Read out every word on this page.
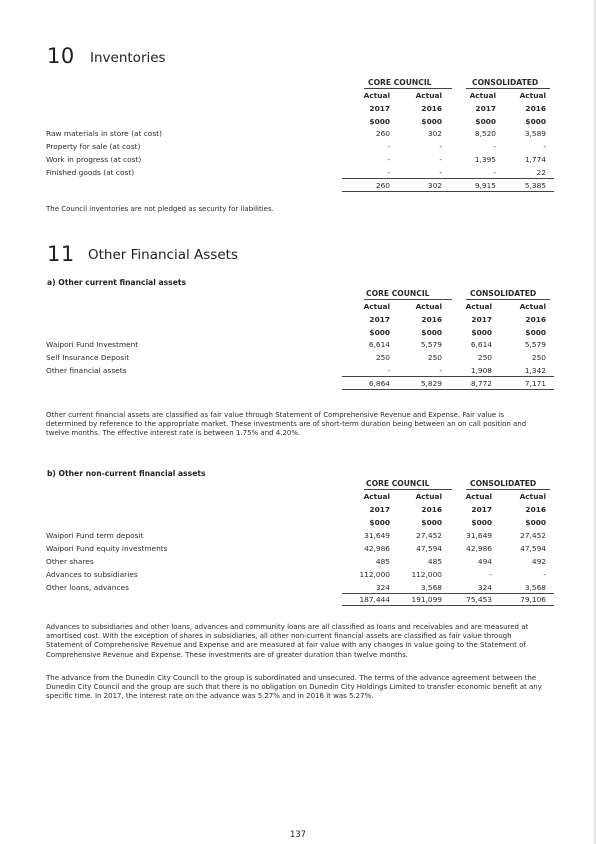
10 Inventories
CORE COUNCIL	CONSOLIDATED
Actual	Actual	Actual	Actual
2017	2016	2017	2016
$000	$000	$000	$000
Raw materials in store (at cost)	260	302	8,520	3,589
Property for sale (at cost)	-	-	-	-
Work in progress (at cost)	-	-	1,395	1,774
Finished goods (at cost)	-	-	-	22
260	302	9,915	5,385
The Council inventories are not pledged as security for liabilities.
11 Other Financial Assets
a) Other current financial assets
CORE COUNCIL	CONSOLIDATED
Actual	Actual	Actual	Actual
2017	2016	2017	2016
$000	$000	$000	$000
Waipori Fund Investment	6,614	5,579	6,614	5,579
Self Insurance Deposit	250	250	250	250
Other financial assets	-	-	1,908	1,342
6,864	5,829	8,772	7,171
Other current financial assets are classified as fair value through Statement of Comprehensive Revenue and Expense. Fair value is
determined by reference to the appropriate market. These investments are of short-term duration being between an on call position and
twelve months. The effective interest rate is between 1.75% and 4.20%.
b) Other non-current financial assets
CORE COUNCIL	CONSOLIDATED
Actual	Actual	Actual	Actual
2017	2016	2017	2016
$000	$000	$000	$000
Waipori Fund term deposit	31,649	27,452	31,649	27,452
Waipori Fund equity investments	42,986	47,594	42,986	47,594
Other shares	485	485	494	492
Advances to subsidiaries	112,000	112,000	-	-
Other loans, advances	324	3,568	324	3,568
187,444	191,099	75,453	79,106
Advances to subsidiaries and other loans, advances and community loans are all classified as loans and receivables and are measured at
amortised cost. With the exception of shares in subsidiaries, all other non-current financial assets are classified as fair value through
Statement of Comprehensive Revenue and Expense and are measured at fair value with any changes in value going to the Statement of
Comprehensive Revenue and Expense. These investments are of greater duration than twelve months.
The advance from the Dunedin City Council to the group is subordinated and unsecured. The terms of the advance agreement between the
Dunedin City Council and the group are such that there is no obligation on Dunedin City Holdings Limited to transfer economic benefit at any
specific time. In 2017, the interest rate on the advance was 5.27% and in 2016 it was 5.27%.
137
